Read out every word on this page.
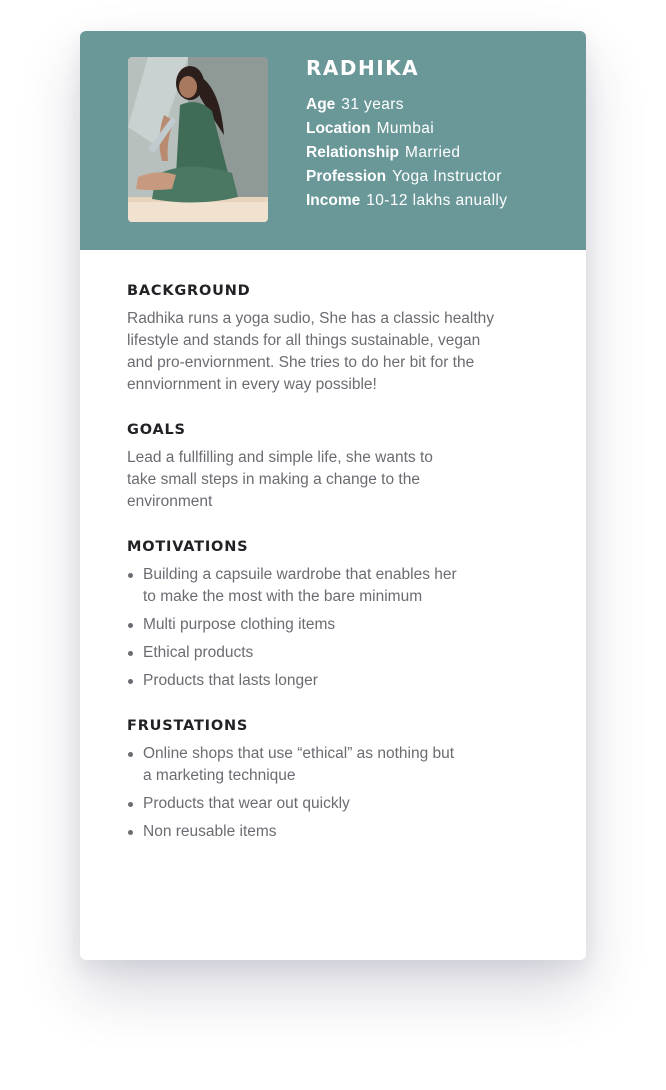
RADHIKA
Age 31 years
Location Mumbai
Relationship Married
Profession Yoga Instructor
Income 10-12 lakhs anually
BACKGROUND

Radhika runs a yoga sudio, She has a classic healthy
lifestyle and stands for all things sustainable, vegan
and pro-enviornment. She tries to do her bit for the
ennviornment in every way possible!

GOALS

Lead a fullfilling and simple life, she wants to
take small steps in making a change to the
environment

MOTIVATIONS
Building a capsuile wardrobe that enables her
to make the most with the bare minimum
Multi purpose clothing items
Ethical products
Products that lasts longer
FRUSTATIONS
Online shops that use “ethical” as nothing but
a marketing technique
Products that wear out quickly
Non reusable items
